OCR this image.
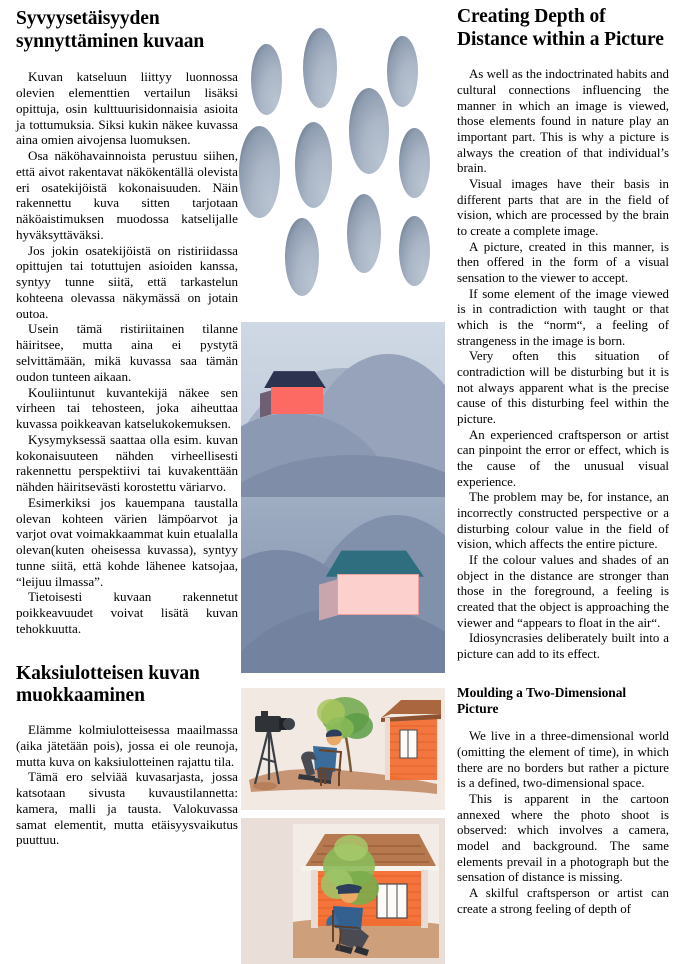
Syvyysetäisyyden synnyttäminen kuvaan

Kuvan katseluun liittyy luonnossa olevien elementtien vertailun lisäksi opittuja, osin kulttuurisidonnaisia asioita ja tottumuksia. Siksi kukin näkee kuvassa aina omien aivojensa luomuksen.

Osa näköhavainnoista perustuu siihen, että aivot rakentavat näkökentällä olevista eri osatekijöistä kokonaisuuden. Näin rakennettu kuva sitten tarjotaan näköaistimuksen muodossa katselijalle hyväksyttäväksi.

Jos jokin osatekijöistä on ristiriidassa opittujen tai totuttujen asioiden kanssa, syntyy tunne siitä, että tarkastelun kohteena olevassa näkymässä on jotain outoa.

Usein tämä ristiriitainen tilanne häiritsee, mutta aina ei pystytä selvittämään, mikä kuvassa saa tämän oudon tunteen aikaan.

Kouliintunut kuvantekijä näkee sen virheen tai tehosteen, joka aiheuttaa kuvassa poikkeavan katselukokemuksen.

Kysymyksessä saattaa olla esim. kuvan kokonaisuuteen nähden virheellisesti rakennettu perspektiivi tai kuvakenttään nähden häiritsevästi korostettu väriarvo.

Esimerkiksi jos kauempana taustalla olevan kohteen värien lämpöarvot ja varjot ovat voimakkaammat kuin etualalla olevan(kuten oheisessa kuvassa), syntyy tunne siitä, että kohde lähenee katsojaa, “leijuu ilmassa”.

Tietoisesti kuvaan rakennetut poikkeavuudet voivat lisätä kuvan tehokkuutta.

Kaksiulotteisen kuvan muokkaaminen

Elämme kolmiulotteisessa maailmassa (aika jätetään pois), jossa ei ole reunoja, mutta kuva on kaksiulotteinen rajattu tila.

Tämä ero selviää kuvasarjasta, jossa katsotaan sivusta kuvaustilannetta: kamera, malli ja tausta. Valokuvassa samat elementit, mutta etäisyysvaikutus puuttuu.

Creating Depth of Distance within a Picture

As well as the indoctrinated habits and cultural connections influencing the manner in which an image is viewed, those elements found in nature play an important part. This is why a picture is always the creation of that individual’s brain.

Visual images have their basis in different parts that are in the field of vision, which are processed by the brain to create a complete image.

A picture, created in this manner, is then offered in the form of a visual sensation to the viewer to accept.

If some element of the image viewed is in contradiction with taught or that which is the “norm“, a feeling of strangeness in the image is born.

Very often this situation of contradiction will be disturbing but it is not always apparent what is the precise cause of this disturbing feel within the picture.

An experienced craftsperson or artist can pinpoint the error or effect, which is the cause of the unusual visual experience.

The problem may be, for instance, an incorrectly constructed perspective or a disturbing colour value in the field of vision, which affects the entire picture.

If the colour values and shades of an object in the distance are stronger than those in the foreground, a feeling is created that the object is approaching the viewer and “appears to float in the air“.

Idiosyncrasies deliberately built into a picture can add to its effect.

Moulding a Two-Dimensional Picture

We live in a three-dimensional world (omitting the element of time), in which there are no borders but rather a picture is a defined, two-dimensional space.

This is apparent in the cartoon annexed where the photo shoot is observed: which involves a camera, model and background. The same elements prevail in a photograph but the sensation of distance is missing.

A skilful craftsperson or artist can create a strong feeling of depth of
